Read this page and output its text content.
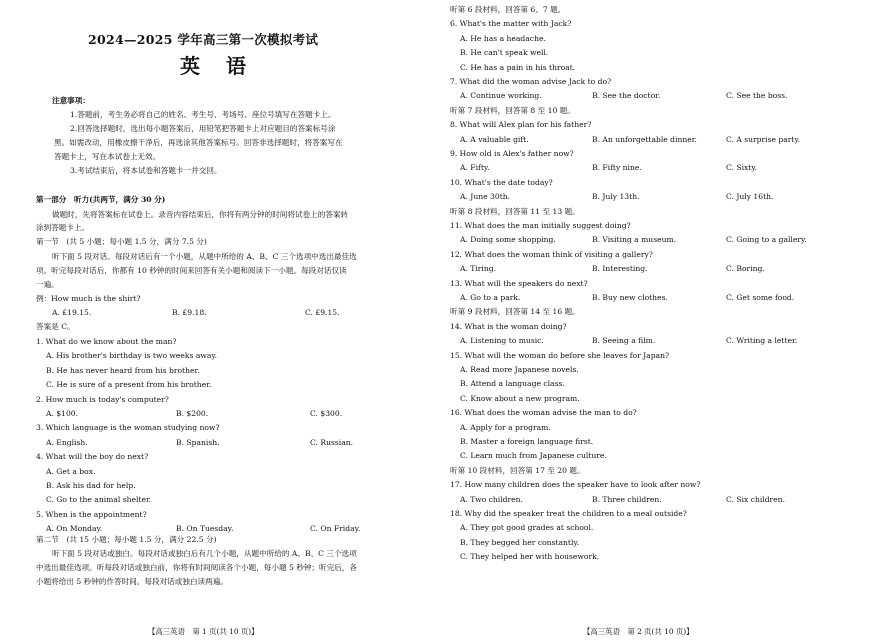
2024—2025 学年高三第一次模拟考试
英语
注意事项：
1.答题前，考生务必将自己的姓名、考生号、考场号、座位号填写在答题卡上。
2.回答选择题时，选出每小题答案后，用铅笔把答题卡上对应题目的答案标号涂
黑。如需改动，用橡皮擦干净后，再选涂其他答案标号。回答非选择题时，将答案写在
答题卡上，写在本试卷上无效。
3.考试结束后，将本试卷和答题卡一并交回。
第一部分　听力(共两节，满分 30 分)
做题时，先将答案标在试卷上。录音内容结束后，你将有两分钟的时间将试卷上的答案转
涂到答题卡上。
第一节　(共 5 小题；每小题 1.5 分，满分 7.5 分)
听下面 5 段对话。每段对话后有一个小题，从题中所给的 A、B、C 三个选项中选出最佳选
项。听完每段对话后，你都有 10 秒钟的时间来回答有关小题和阅读下一小题。每段对话仅读
一遍。
例：How much is the shirt?
A. £19.15.	B. £9.18.	C. £9.15.
答案是 C。
1. What do we know about the man?
A. His brother's birthday is two weeks away.
B. He has never heard from his brother.
C. He is sure of a present from his brother.
2. How much is today's computer?
A. $100.	B. $200.	C. $300.
3. Which language is the woman studying now?
A. English.	B. Spanish.	C. Russian.
4. What will the boy do next?
A. Get a box.
B. Ask his dad for help.
C. Go to the animal shelter.
5. When is the appointment?
A. On Monday.	B. On Tuesday.	C. On Friday.
第二节　(共 15 小题；每小题 1.5 分，满分 22.5 分)
听下面 5 段对话或独白。每段对话或独白后有几个小题，从题中所给的 A、B、C 三个选项
中选出最佳选项。听每段对话或独白前，你将有时间阅读各个小题，每小题 5 秒钟；听完后，各
小题将给出 5 秒钟的作答时间。每段对话或独白读两遍。
【高三英语　第 1 页(共 10 页)】
听第 6 段材料，回答第 6、7 题。
6. What's the matter with Jack?
A. He has a headache.
B. He can't speak well.
C. He has a pain in his throat.
7. What did the woman advise Jack to do?
A. Continue working.	B. See the doctor.	C. See the boss.
听第 7 段材料，回答第 8 至 10 题。
8. What will Alex plan for his father?
A. A valuable gift.	B. An unforgettable dinner.	C. A surprise party.
9. How old is Alex's father now?
A. Fifty.	B. Fifty nine.	C. Sixty.
10. What's the date today?
A. June 30th.	B. July 13th.	C. July 16th.
听第 8 段材料，回答第 11 至 13 题。
11. What does the man initially suggest doing?
A. Doing some shopping.	B. Visiting a museum.	C. Going to a gallery.
12. What does the woman think of visiting a gallery?
A. Tiring.	B. Interesting.	C. Boring.
13. What will the speakers do next?
A. Go to a park.	B. Buy new clothes.	C. Get some food.
听第 9 段材料，回答第 14 至 16 题。
14. What is the woman doing?
A. Listening to music.	B. Seeing a film.	C. Writing a letter.
15. What will the woman do before she leaves for Japan?
A. Read more Japanese novels.
B. Attend a language class.
C. Know about a new program.
16. What does the woman advise the man to do?
A. Apply for a program.
B. Master a foreign language first.
C. Learn much from Japanese culture.
听第 10 段材料，回答第 17 至 20 题。
17. How many children does the speaker have to look after now?
A. Two children.	B. Three children.	C. Six children.
18. Why did the speaker treat the children to a meal outside?
A. They got good grades at school.
B. They begged her constantly.
C. They helped her with housework.
【高三英语　第 2 页(共 10 页)】
